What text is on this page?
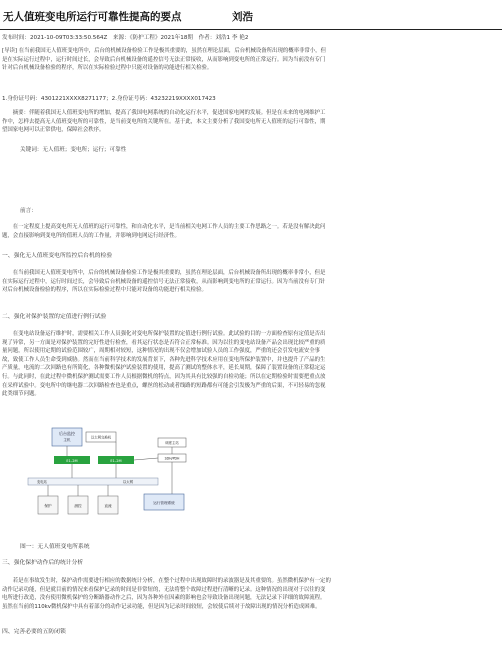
无人值班变电所运行可靠性提高的要点	刘浩
发布时间：2021-10-09T03:33:50.564Z　来源：《防护工程》2021年18期　作者：刘浩1 李 艳2
[导读] 在当前我国无人值班变电所中，后台的机械设备检验工作是极其重要的，虽然在理论层面，后台机械设备所出现的概率非常小，但
是在实际运行过程中，运行时间过长，会导致后台机械设备的遥控信号无法正常接收，从而影响到变电所的正常运行。因为当前没有专门
针对后台机械设备检验的程序，所以在实际检验过程中只能对设备的功能进行相关检验。
1.身份证号码：4301221XXXX8271177；2.身份证号码：43232219XXXX017423
　　摘要：伴随着我国无人值班变电所的增加，提高了我国电网系统的自动化运行水平，促进国家电网的发展。但是在未来的电网维护工
作中，怎样去提高无人值班变电所的可靠性，是当前变电所的关键所在。基于此，本文主要分析了我国变电所无人值班的运行可靠性，期
望国家电网可以正常供电，保障社会秩序。
关键词：无人值班；变电所；运行；可靠性
前言：
　　在一定程度上提高变电所无人值班的运行可靠性，和自动化水平，是当前相关电网工作人员的主要工作思路之一。若是没有解决此问
题，会直接影响到变电所的值班人员的工作量，并影响到电网运行经济性。
一、强化无人值班变电所监控后台机的检验
　　在当前我国无人值班变电所中，后台的机械设备检验工作是极其重要的，虽然在理论层面，后台机械设备所出现的概率非常小，但是
在实际运行过程中，运行时间过长，会导致后台机械设备的遥控信号无法正常接收，从而影响到变电所的正常运行。因为当前没有专门针
对后台机械设备检验的程序，所以在实际检验过程中只能对设备的功能进行相关检验。
二、强化对保护装置的定值进行例行试验
　　在变电站设备运行维护时，需要相关工作人员强化对变电所保护装置的定值进行例行试验。此试验的目的一方面检查原有定值是否出
现了异常，另一方面是对保护装置的完好性进行检查，看其运行状态是否符合正常标准。因为以往的变电站设备产品会出现比较严重的质
量问题，所以使用定期的试验范围较广，周期相对较短，这种情况的出现不仅会增加试验人员的工作强度，严重的还会引发电流安全事
故，致使工作人员生命受到威胁。然而在当前科学技术的发展背景下，各种先进科学技术应用在变电所保护装置中，并也提升了产品的生
产质量，电流的二次回路也有所简化，各种微机保护试验装置的使用，提高了测试的整体水平，延长周期，保障了装置设备的正常稳定运
行。与此同时，在此过程中微机保护测试需要工作人员根据微机的特点，因为其具有比较强的自检功能；所以在定期检验时需要把重点放
在采样试验中。变电所中的继电器二次回路检查也是重点，螺丝的松动或者线路的短路都有可能会引发极为严重的后果，不可轻易的忽视
此类细节问题。
后台监控
主机
以太网交换机
E1-2M	E1-2M
调度主站
SDH/PDH
变电站	以太网
保护	测控	直流
运行管理系统
图一：无人值班变电所系统
三、强化保护动作后的统计分析
　　若是在事故发生时，保护动作需要进行相应的数据统计分析，在整个过程中出现故障时的录波器是及其重要的。虽然微机保护有一定的
动作记录功能，但是就目前的情况来看保护记录的时间是非常短的，无法将整个故障过程进行清晰的记录。这种情况的出现对于以往的变
电所进行改造，没有使用微机保护的分断路器动作之后，因为各种外在因素的影响也会导致设备出现问题，无法记录下详细的故障流程。
虽然在当前的110kv微机保护中具有着部分的动作记录功能，但是因为记录时间较短，会较使后续对于故障出现的情况分析造成困难。
四、完善必要的五防闭锁
